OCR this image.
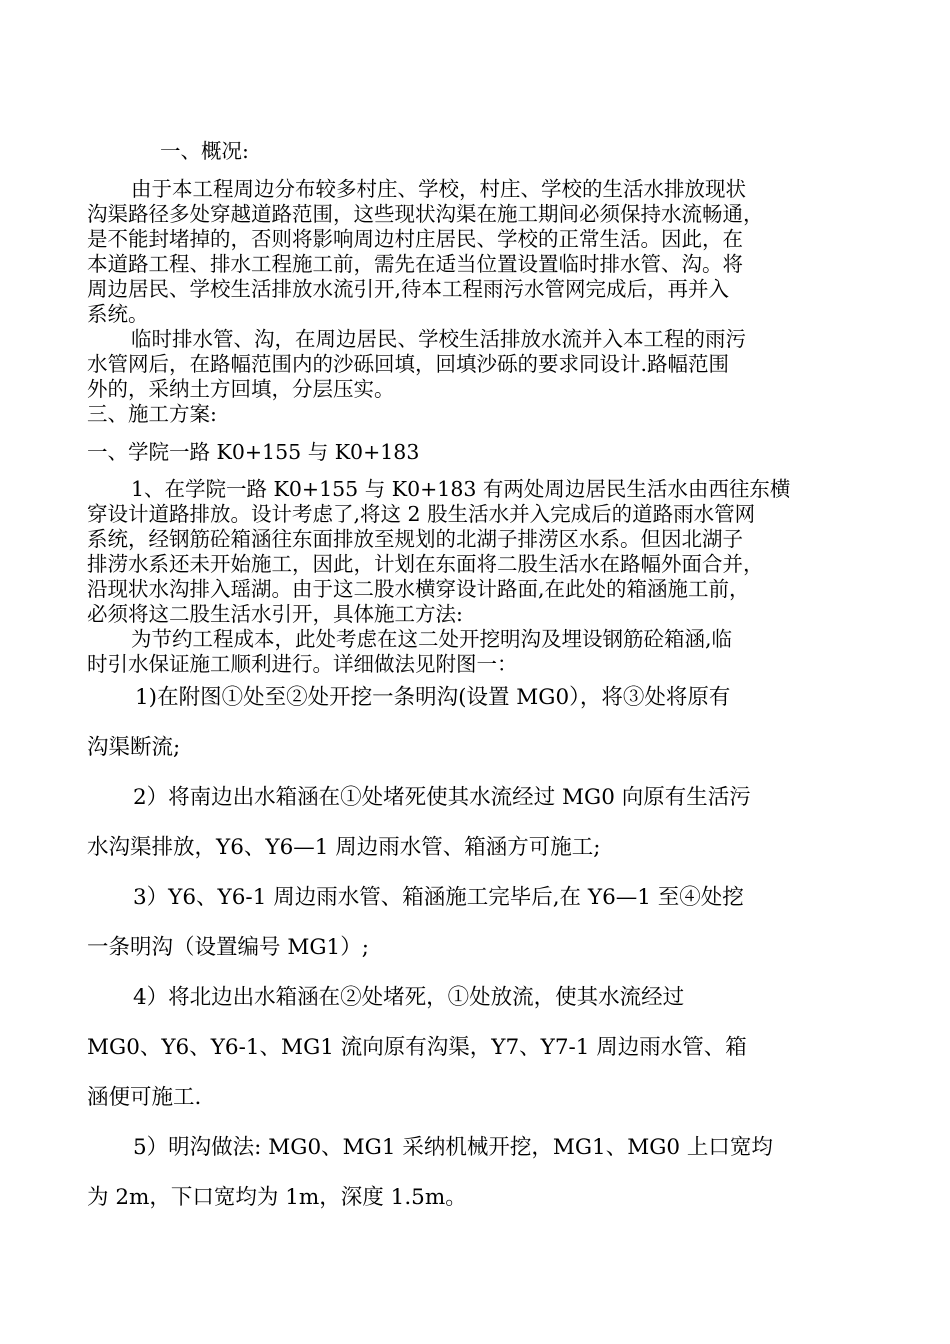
一、概况:
由于本工程周边分布较多村庄、学校，村庄、学校的生活水排放现状
沟渠路径多处穿越道路范围，这些现状沟渠在施工期间必须保持水流畅通，
是不能封堵掉的，否则将影响周边村庄居民、学校的正常生活。因此，在
本道路工程、排水工程施工前，需先在适当位置设置临时排水管、沟。将
周边居民、学校生活排放水流引开,待本工程雨污水管网完成后，再并入
系统。
临时排水管、沟，在周边居民、学校生活排放水流并入本工程的雨污
水管网后，在路幅范围内的沙砾回填，回填沙砾的要求同设计.路幅范围
外的，采纳土方回填，分层压实。
三、施工方案:
一、学院一路 K0+155 与 K0+183
1、在学院一路 K0+155 与 K0+183 有两处周边居民生活水由西往东横
穿设计道路排放。设计考虑了,将这 2 股生活水并入完成后的道路雨水管网
系统，经钢筋砼箱涵往东面排放至规划的北湖子排涝区水系。但因北湖子
排涝水系还未开始施工，因此，计划在东面将二股生活水在路幅外面合并，
沿现状水沟排入瑶湖。由于这二股水横穿设计路面,在此处的箱涵施工前，
必须将这二股生活水引开，具体施工方法:
为节约工程成本，此处考虑在这二处开挖明沟及埋设钢筋砼箱涵,临
时引水保证施工顺利进行。详细做法见附图一：
1)在附图①处至②处开挖一条明沟(设置 MG0），将③处将原有
沟渠断流;
2）将南边出水箱涵在①处堵死使其水流经过 MG0 向原有生活污
水沟渠排放，Y6、Y6—1 周边雨水管、箱涵方可施工;
3）Y6、Y6-1 周边雨水管、箱涵施工完毕后,在 Y6—1 至④处挖
一条明沟（设置编号 MG1）;
4）将北边出水箱涵在②处堵死，①处放流，使其水流经过
MG0、Y6、Y6-1、MG1 流向原有沟渠，Y7、Y7-1 周边雨水管、箱
涵便可施工.
5）明沟做法: MG0、MG1 采纳机械开挖，MG1、MG0 上口宽均
为 2m，下口宽均为 1m，深度 1.5m。
